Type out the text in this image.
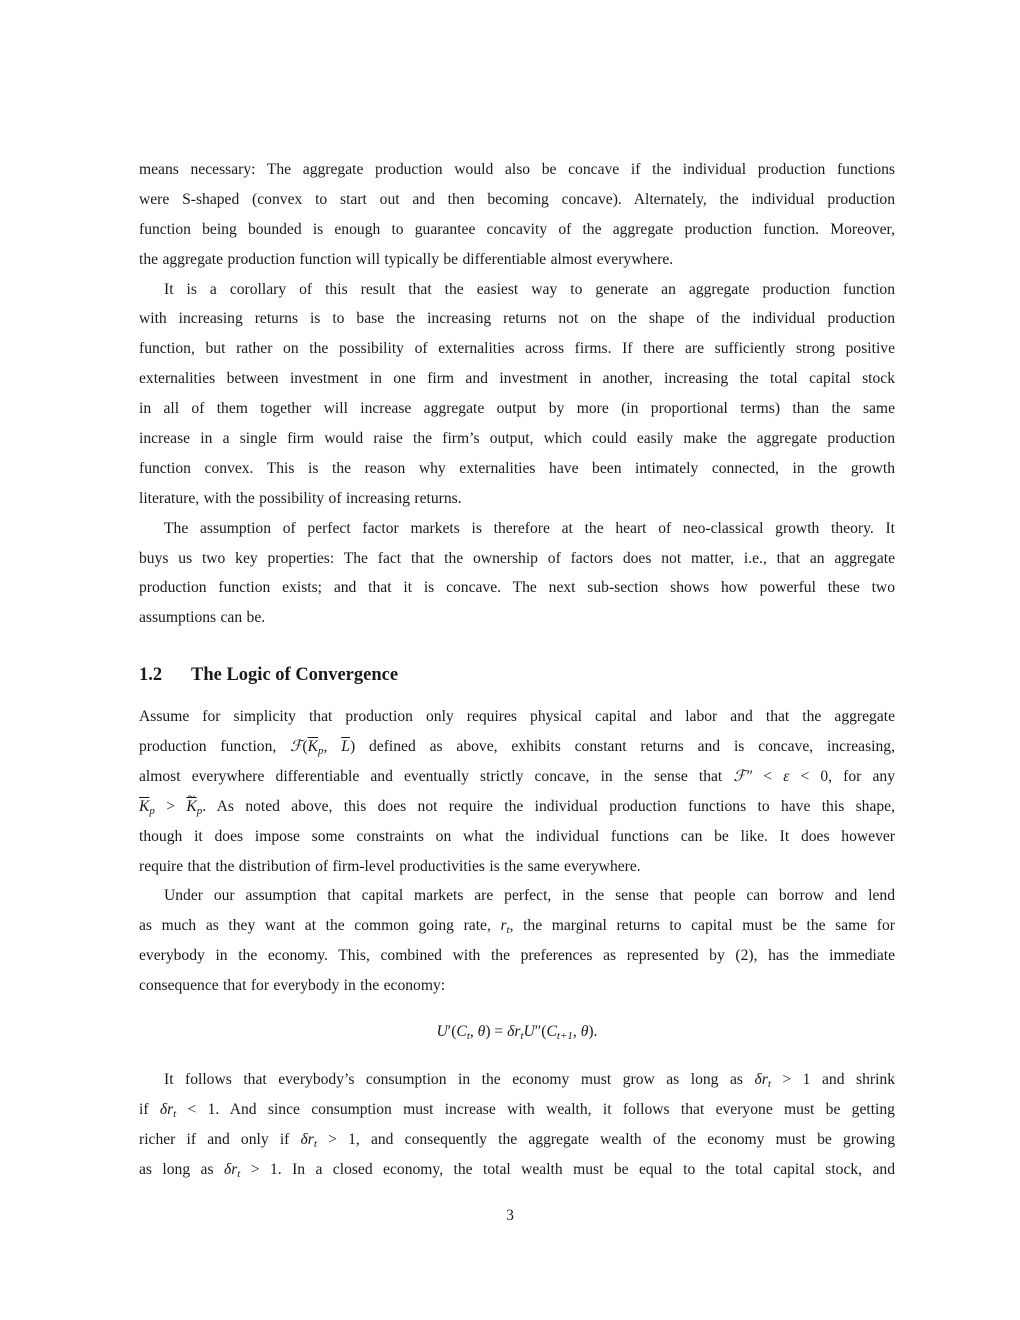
means necessary: The aggregate production would also be concave if the individual production functions
were S-shaped (convex to start out and then becoming concave). Alternately, the individual production
function being bounded is enough to guarantee concavity of the aggregate production function. Moreover,
the aggregate production function will typically be differentiable almost everywhere.
It is a corollary of this result that the easiest way to generate an aggregate production function
with increasing returns is to base the increasing returns not on the shape of the individual production
function, but rather on the possibility of externalities across firms. If there are sufficiently strong positive
externalities between investment in one firm and investment in another, increasing the total capital stock
in all of them together will increase aggregate output by more (in proportional terms) than the same
increase in a single firm would raise the firm’s output, which could easily make the aggregate production
function convex. This is the reason why externalities have been intimately connected, in the growth
literature, with the possibility of increasing returns.
The assumption of perfect factor markets is therefore at the heart of neo-classical growth theory. It
buys us two key properties: The fact that the ownership of factors does not matter, i.e., that an aggregate
production function exists; and that it is concave. The next sub-section shows how powerful these two
assumptions can be.
1.2 The Logic of Convergence
Assume for simplicity that production only requires physical capital and labor and that the aggregate
production function, $ℱ(\overline{K}_p$, $\overline{L}$) defined as above, exhibits constant returns and is concave, increasing,
almost everywhere differentiable and eventually strictly concave, in the sense that ℱ″ < ε < 0, for any
$\overline{K}_p$ > ~ $\overline{K}_p$. As noted above, this does not require the individual production functions to have this shape,
though it does impose some constraints on what the individual functions can be like. It does however
require that the distribution of firm-level productivities is the same everywhere.
Under our assumption that capital markets are perfect, in the sense that people can borrow and lend
as much as they want at the common going rate, $r_t$, the marginal returns to capital must be the same for
everybody in the economy. This, combined with the preferences as represented by (2), has the immediate
consequence that for everybody in the economy:
$U'(C_t$, $\theta) = \delta r_tU''(C_{t+1}$, θ).
It follows that everybody’s consumption in the economy must grow as long as $\delta r_t > 1$ and shrink
if $\delta r_t < 1$. And since consumption must increase with wealth, it follows that everyone must be getting
richer if and only if $\delta r_t > 1$, and consequently the aggregate wealth of the economy must be growing
as long as $\delta r_t > 1$. In a closed economy, the total wealth must be equal to the total capital stock, and
3
